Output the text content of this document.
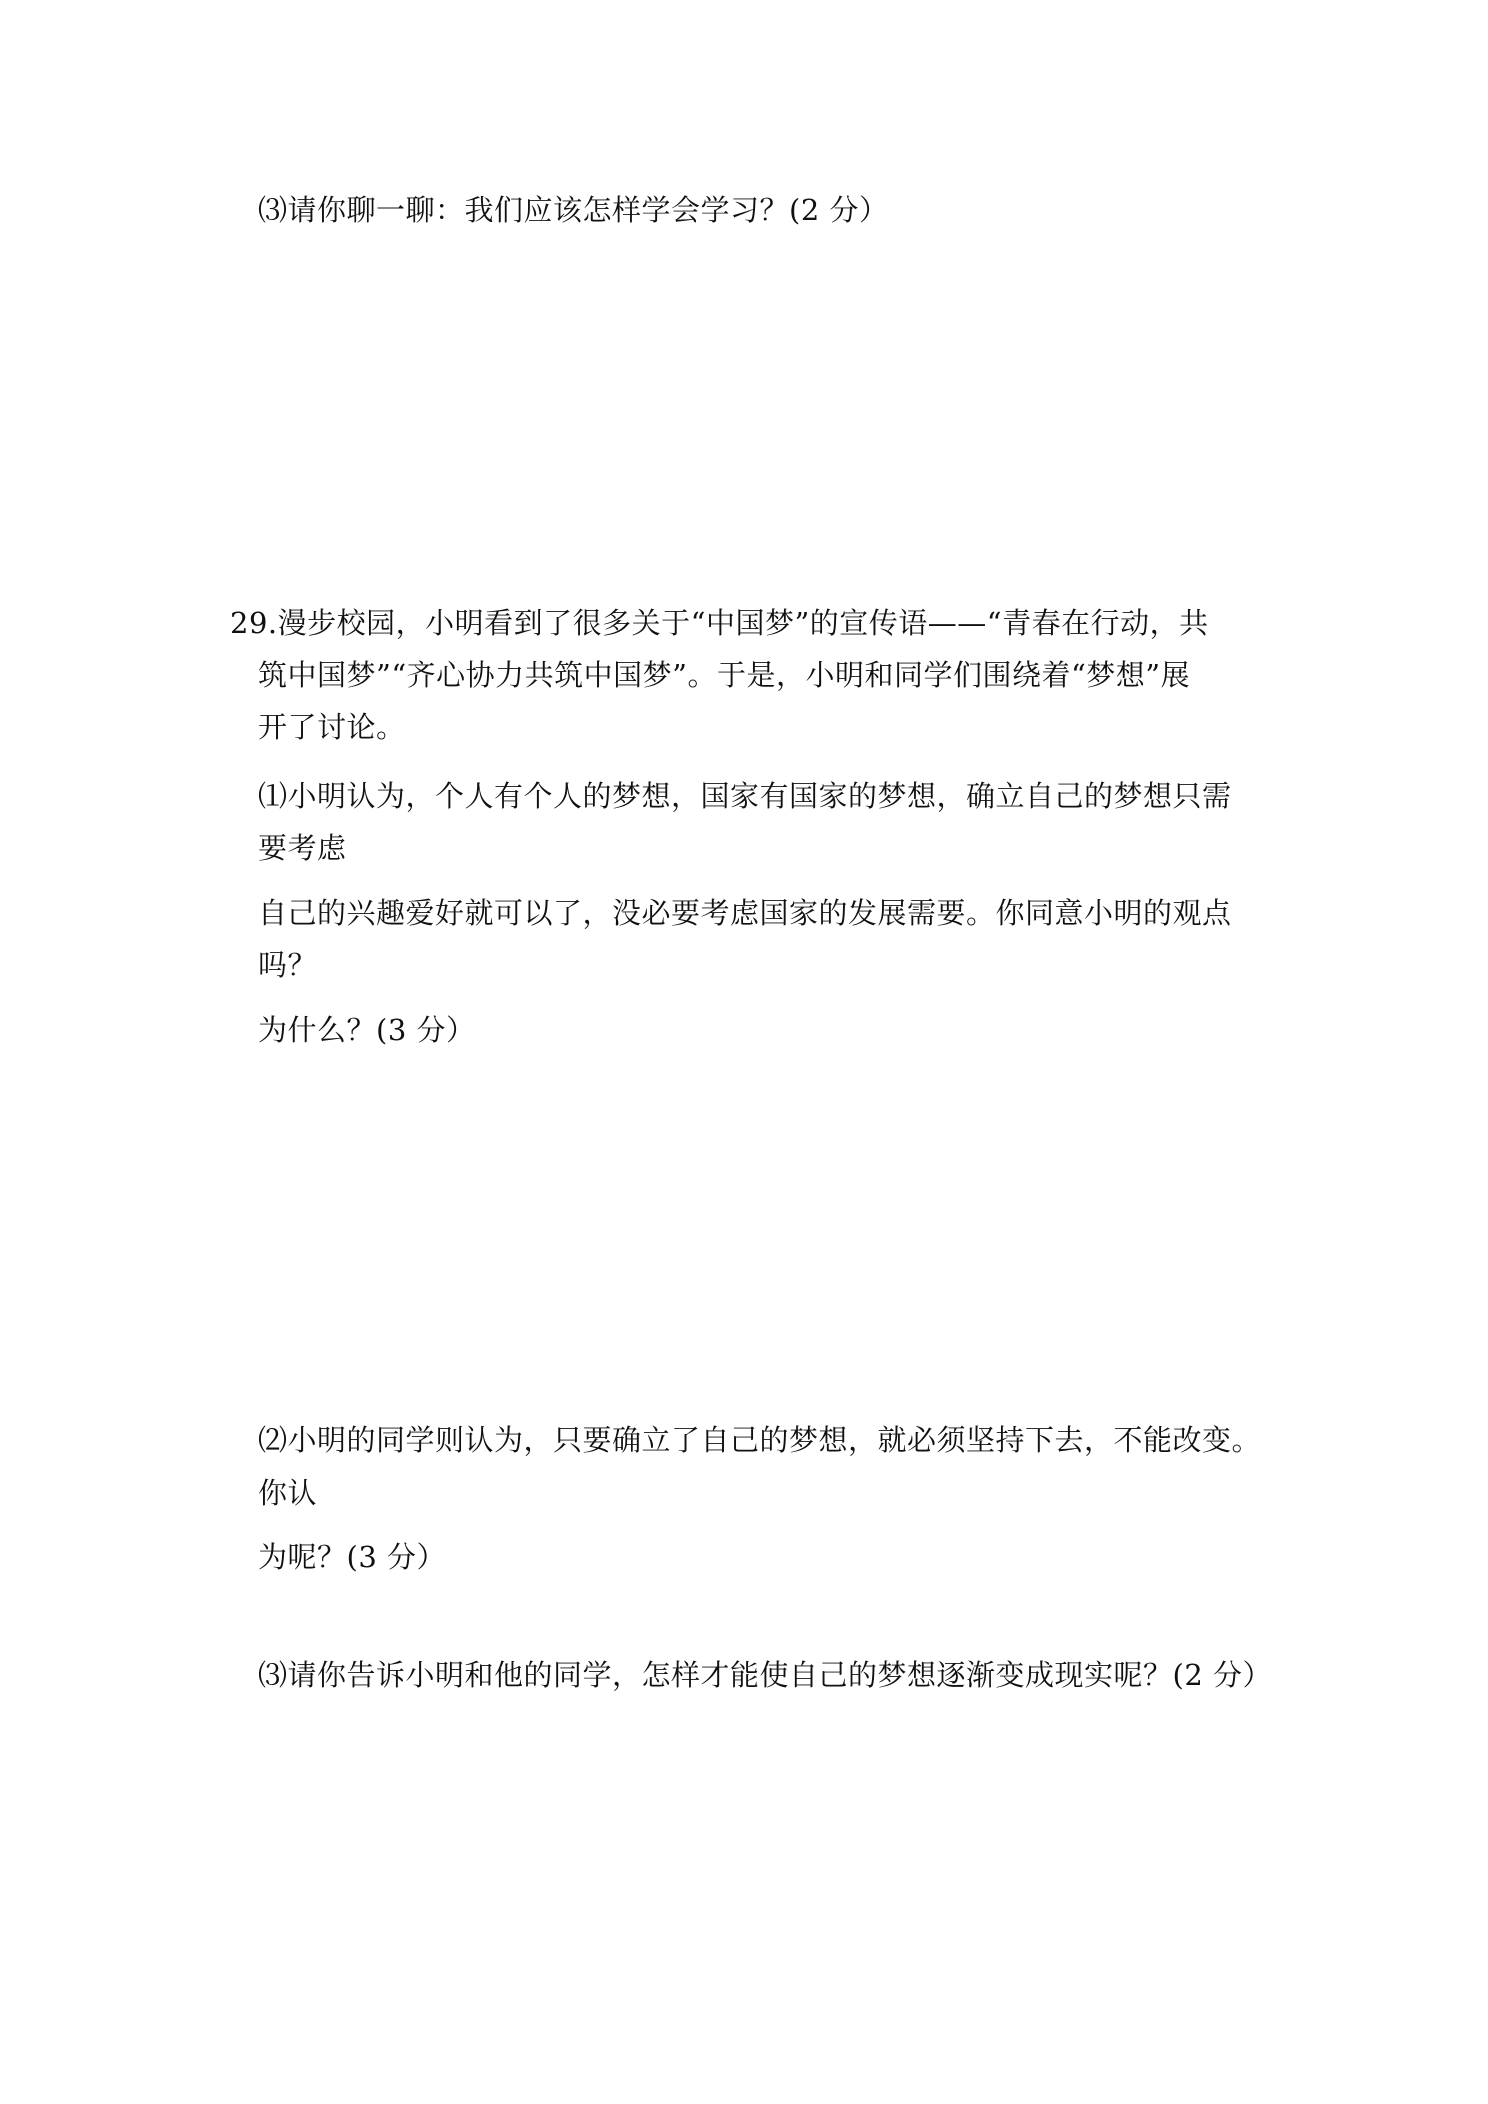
⑶请你聊一聊：我们应该怎样学会学习？(2 分）
29.漫步校园，小明看到了很多关于“中国梦”的宣传语——“青春在行动，共
筑中国梦”“齐心协力共筑中国梦”。于是，小明和同学们围绕着“梦想”展
开了讨论。
⑴小明认为，个人有个人的梦想，国家有国家的梦想，确立自己的梦想只需
要考虑
自己的兴趣爱好就可以了，没必要考虑国家的发展需要。你同意小明的观点
吗？
为什么？(3 分）
⑵小明的同学则认为，只要确立了自己的梦想，就必须坚持下去，不能改变。
你认
为呢？(3 分）
⑶请你告诉小明和他的同学，怎样才能使自己的梦想逐渐变成现实呢？(2 分）
